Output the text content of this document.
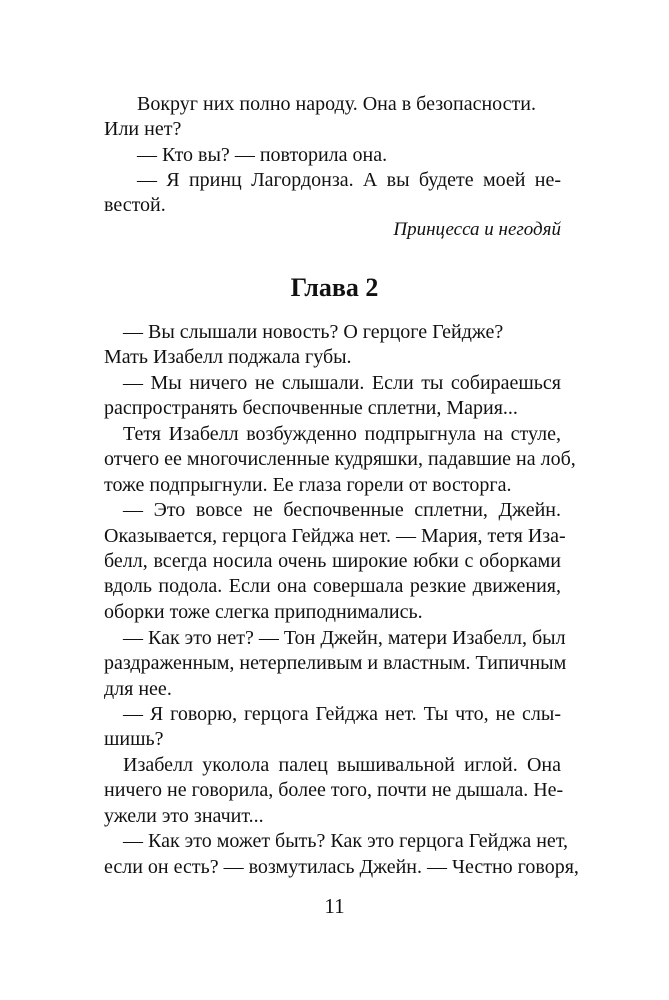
Вокруг них полно народу. Она в безопасности.
Или нет?
— Кто вы? — повторила она.
— Я принц Лагордонза. А вы будете моей не-
вестой.
Принцесса и негодяй
Глава 2
— Вы слышали новость? О герцоге Гейдже?
Мать Изабелл поджала губы.
— Мы ничего не слышали. Если ты собираешься
распространять беспочвенные сплетни, Мария...
Тетя Изабелл возбужденно подпрыгнула на стуле,
отчего ее многочисленные кудряшки, падавшие на лоб,
тоже подпрыгнули. Ее глаза горели от восторга.
— Это вовсе не беспочвенные сплетни, Джейн.
Оказывается, герцога Гейджа нет. — Мария, тетя Иза-
белл, всегда носила очень широкие юбки с оборками
вдоль подола. Если она совершала резкие движения,
оборки тоже слегка приподнимались.
— Как это нет? — Тон Джейн, матери Изабелл, был
раздраженным, нетерпеливым и властным. Типичным
для нее.
— Я говорю, герцога Гейджа нет. Ты что, не слы-
шишь?
Изабелл уколола палец вышивальной иглой. Она
ничего не говорила, более того, почти не дышала. Не-
ужели это значит...
— Как это может быть? Как это герцога Гейджа нет,
если он есть? — возмутилась Джейн. — Честно говоря,
11
